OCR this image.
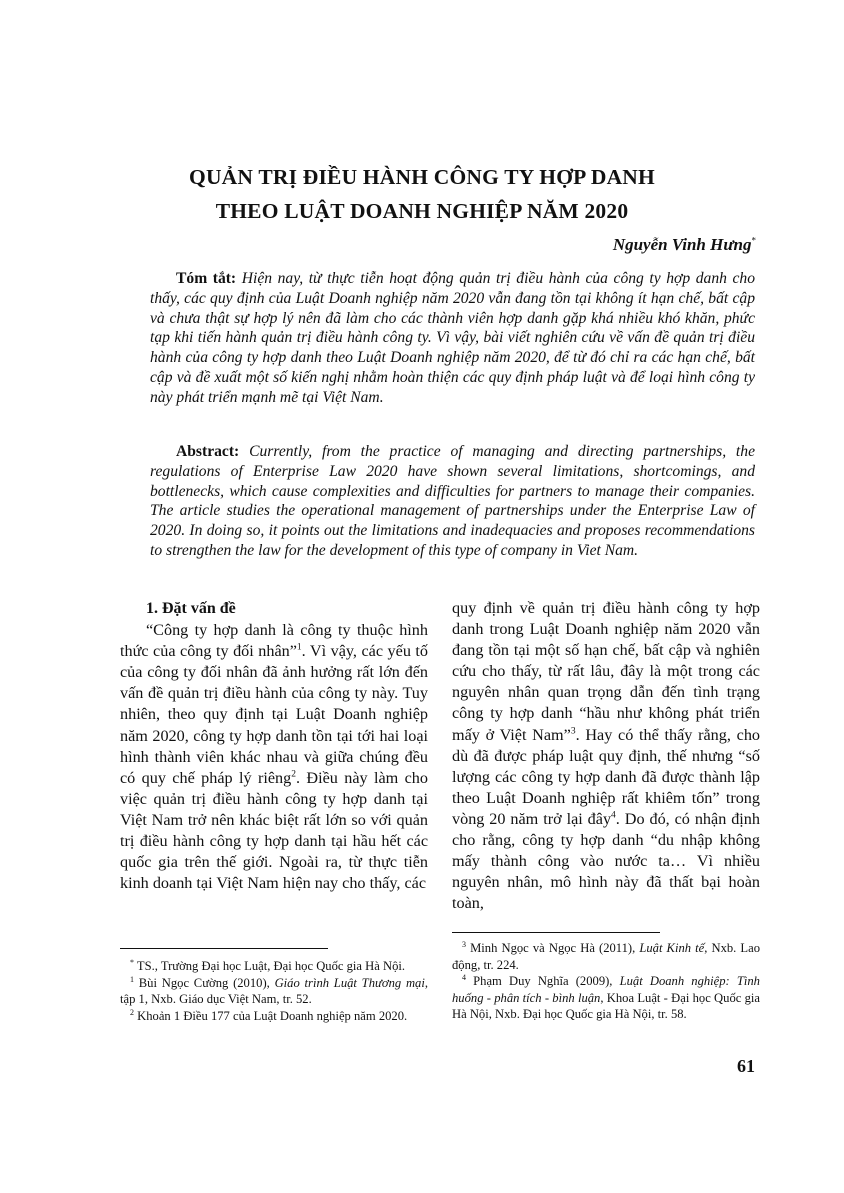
QUẢN TRỊ ĐIỀU HÀNH CÔNG TY HỢP DANH
THEO LUẬT DOANH NGHIỆP NĂM 2020
Nguyễn Vinh Hưng*

Tóm tắt: Hiện nay, từ thực tiễn hoạt động quản trị điều hành của công ty hợp danh cho thấy, các quy định của Luật Doanh nghiệp năm 2020 vẫn đang tồn tại không ít hạn chế, bất cập và chưa thật sự hợp lý nên đã làm cho các thành viên hợp danh gặp khá nhiều khó khăn, phức tạp khi tiến hành quản trị điều hành công ty. Vì vậy, bài viết nghiên cứu về vấn đề quản trị điều hành của công ty hợp danh theo Luật Doanh nghiệp năm 2020, để từ đó chỉ ra các hạn chế, bất cập và đề xuất một số kiến nghị nhằm hoàn thiện các quy định pháp luật và để loại hình công ty này phát triển mạnh mẽ tại Việt Nam.

Abstract: Currently, from the practice of managing and directing partnerships, the regulations of Enterprise Law 2020 have shown several limitations, shortcomings, and bottlenecks, which cause complexities and difficulties for partners to manage their companies. The article studies the operational management of partnerships under the Enterprise Law of 2020. In doing so, it points out the limitations and inadequacies and proposes recommendations to strengthen the law for the development of this type of company in Viet Nam.

1. Đặt vấn đề

“Công ty hợp danh là công ty thuộc hình thức của công ty đối nhân”$^1$. Vì vậy, các yếu tố của công ty đối nhân đã ảnh hưởng rất lớn đến vấn đề quản trị điều hành của công ty này. Tuy nhiên, theo quy định tại Luật Doanh nghiệp năm 2020, công ty hợp danh tồn tại tới hai loại hình thành viên khác nhau và giữa chúng đều có quy chế pháp lý riêng$^2$. Điều này làm cho việc quản trị điều hành công ty hợp danh tại Việt Nam trở nên khác biệt rất lớn so với quản trị điều hành công ty hợp danh tại hầu hết các quốc gia trên thế giới. Ngoài ra, từ thực tiễn kinh doanh tại Việt Nam hiện nay cho thấy, các

quy định về quản trị điều hành công ty hợp danh trong Luật Doanh nghiệp năm 2020 vẫn đang tồn tại một số hạn chế, bất cập và nghiên cứu cho thấy, từ rất lâu, đây là một trong các nguyên nhân quan trọng dẫn đến tình trạng công ty hợp danh “hầu như không phát triển mấy ở Việt Nam”$^3$. Hay có thể thấy rằng, cho dù đã được pháp luật quy định, thế nhưng “số lượng các công ty hợp danh đã được thành lập theo Luật Doanh nghiệp rất khiêm tốn” trong vòng 20 năm trở lại đây$^4$. Do đó, có nhận định cho rằng, công ty hợp danh “du nhập không mấy thành công vào nước ta… Vì nhiều nguyên nhân, mô hình này đã thất bại hoàn toàn,

* TS., Trường Đại học Luật, Đại học Quốc gia Hà Nội.
$^1$ Bùi Ngọc Cường (2010), Giáo trình Luật Thương mại, tập 1, Nxb. Giáo dục Việt Nam, tr. 52.
$^2$ Khoản 1 Điều 177 của Luật Doanh nghiệp năm 2020.
$^3$ Minh Ngọc và Ngọc Hà (2011), Luật Kinh tế, Nxb. Lao động, tr. 224.
$^4$ Phạm Duy Nghĩa (2009), Luật Doanh nghiệp: Tình huống - phân tích - bình luận, Khoa Luật - Đại học Quốc gia Hà Nội, Nxb. Đại học Quốc gia Hà Nội, tr. 58.
61
